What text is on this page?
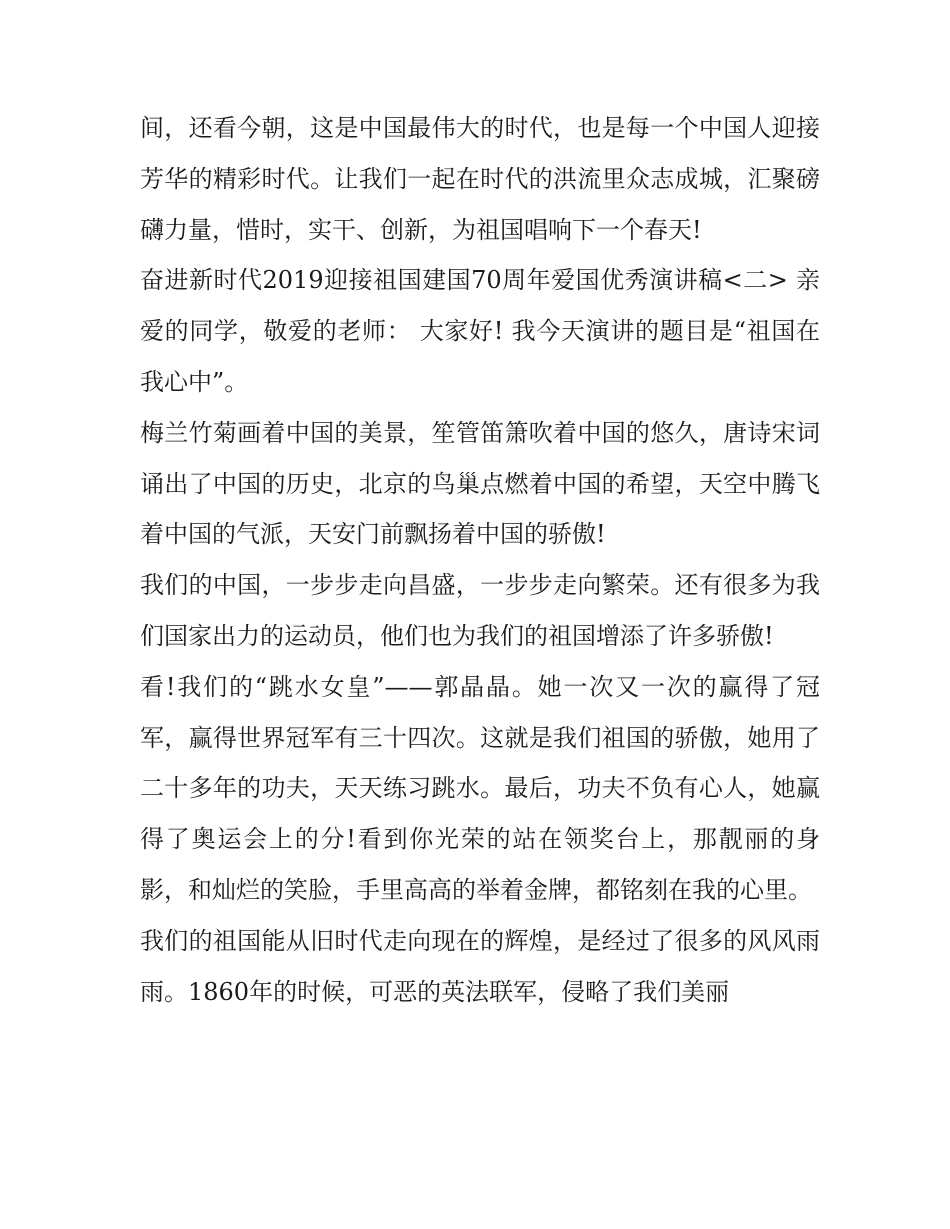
间，还看今朝，这是中国最伟大的时代，也是每一个中国人迎接芳华的精彩时代。让我们一起在时代的洪流里众志成城，汇聚磅礴力量，惜时，实干、创新，为祖国唱响下一个春天!

奋进新时代2019迎接祖国建国70周年爱国优秀演讲稿<二> 亲爱的同学，敬爱的老师： 大家好! 我今天演讲的题目是“祖国在我心中”。

梅兰竹菊画着中国的美景，笙管笛箫吹着中国的悠久，唐诗宋词诵出了中国的历史，北京的鸟巢点燃着中国的希望，天空中腾飞着中国的气派，天安门前飘扬着中国的骄傲!

我们的中国，一步步走向昌盛，一步步走向繁荣。还有很多为我们国家出力的运动员，他们也为我们的祖国增添了许多骄傲!

看!我们的“跳水女皇”——郭晶晶。她一次又一次的赢得了冠军，赢得世界冠军有三十四次。这就是我们祖国的骄傲，她用了二十多年的功夫，天天练习跳水。最后，功夫不负有心人，她赢得了奥运会上的分!看到你光荣的站在领奖台上，那靓丽的身影，和灿烂的笑脸，手里高高的举着金牌，都铭刻在我的心里。

我们的祖国能从旧时代走向现在的辉煌，是经过了很多的风风雨雨。1860年的时候，可恶的英法联军，侵略了我们美丽
